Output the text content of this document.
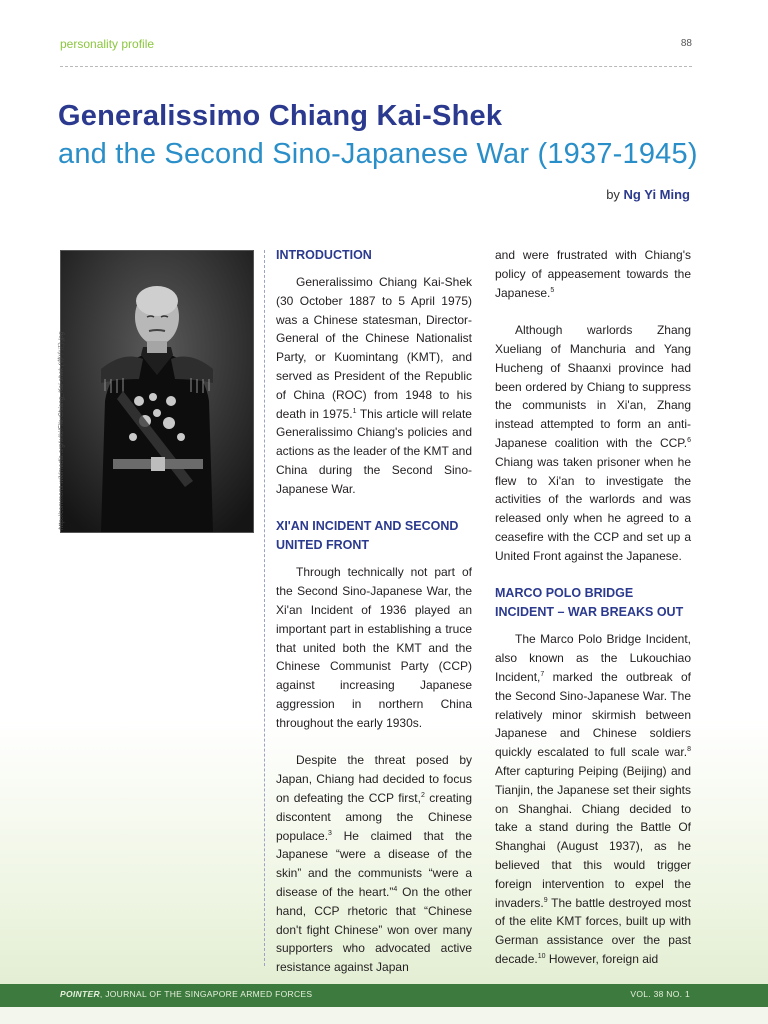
personality profile	88
Generalissimo Chiang Kai-Shek
and the Second Sino-Japanese War (1937-1945)
by Ng Yi Ming
http://commons.wikimedia.org/wiki/File:Chiang_Kai-shek (蔣中正).jpg
INTRODUCTION

Generalissimo Chiang Kai-Shek (30 October 1887 to 5 April 1975) was a Chinese statesman, Director-General of the Chinese Nationalist Party, or Kuomintang (KMT), and served as President of the Republic of China (ROC) from 1948 to his death in 1975.$^1$ This article will relate Generalissimo Chiang's policies and actions as the leader of the KMT and China during the Second Sino-Japanese War.

XI'AN INCIDENT AND SECOND UNITED FRONT

Through technically not part of the Second Sino-Japanese War, the Xi'an Incident of 1936 played an important part in establishing a truce that united both the KMT and the Chinese Communist Party (CCP) against increasing Japanese aggression in northern China throughout the early 1930s.

Despite the threat posed by Japan, Chiang had decided to focus on defeating the CCP first,$^2$ creating discontent among the Chinese populace.$^3$ He claimed that the Japanese “were a disease of the skin” and the communists “were a disease of the heart.”$^4$ On the other hand, CCP rhetoric that “Chinese don't fight Chinese” won over many supporters who advocated active resistance against Japan

and were frustrated with Chiang's policy of appeasement towards the Japanese.$^5$

Although warlords Zhang Xueliang of Manchuria and Yang Hucheng of Shaanxi province had been ordered by Chiang to suppress the communists in Xi'an, Zhang instead attempted to form an anti-Japanese coalition with the CCP.$^6$ Chiang was taken prisoner when he flew to Xi'an to investigate the activities of the warlords and was released only when he agreed to a ceasefire with the CCP and set up a United Front against the Japanese.

MARCO POLO BRIDGE INCIDENT – WAR BREAKS OUT

The Marco Polo Bridge Incident, also known as the Lukouchiao Incident,$^7$ marked the outbreak of the Second Sino-Japanese War. The relatively minor skirmish between Japanese and Chinese soldiers quickly escalated to full scale war.$^8$ After capturing Peiping (Beijing) and Tianjin, the Japanese set their sights on Shanghai. Chiang decided to take a stand during the Battle Of Shanghai (August 1937), as he believed that this would trigger foreign intervention to expel the invaders.$^9$ The battle destroyed most of the elite KMT forces, built up with German assistance over the past decade.$^{10}$ However, foreign aid

POINTER, JOURNAL OF THE SINGAPORE ARMED FORCES	VOL. 38 NO. 1
